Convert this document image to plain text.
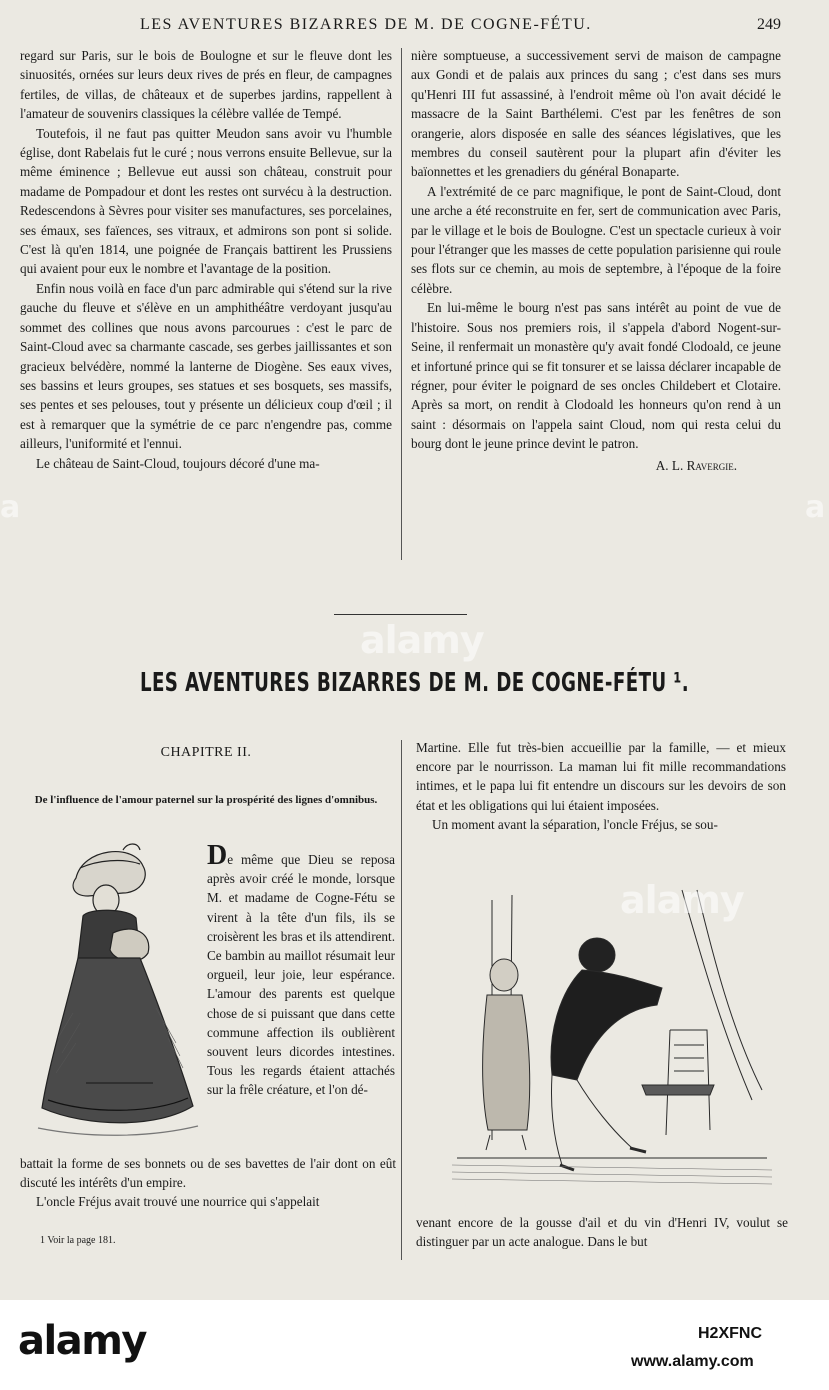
LES AVENTURES BIZARRES DE M. DE COGNE-FÉTU.	249

regard sur Paris, sur le bois de Boulogne et sur le fleuve dont les sinuosités, ornées sur leurs deux rives de prés en fleur, de campagnes fertiles, de villas, de châteaux et de superbes jardins, rappellent à l'amateur de souvenirs classiques la célèbre vallée de Tempé.

Toutefois, il ne faut pas quitter Meudon sans avoir vu l'humble église, dont Rabelais fut le curé ; nous verrons ensuite Bellevue, sur la même éminence ; Bellevue eut aussi son château, construit pour madame de Pompadour et dont les restes ont survécu à la destruction. Redescendons à Sèvres pour visiter ses manufactures, ses porcelaines, ses émaux, ses faïences, ses vitraux, et admirons son pont si solide. C'est là qu'en 1814, une poignée de Français battirent les Prussiens qui avaient pour eux le nombre et l'avantage de la position.

Enfin nous voilà en face d'un parc admirable qui s'étend sur la rive gauche du fleuve et s'élève en un amphithéâtre verdoyant jusqu'au sommet des collines que nous avons parcourues : c'est le parc de Saint-Cloud avec sa charmante cascade, ses gerbes jaillissantes et son gracieux belvédère, nommé la lanterne de Diogène. Ses eaux vives, ses bassins et leurs groupes, ses statues et ses bosquets, ses massifs, ses pentes et ses pelouses, tout y présente un délicieux coup d'œil ; il est à remarquer que la symétrie de ce parc n'engendre pas, comme ailleurs, l'uniformité et l'ennui.

Le château de Saint-Cloud, toujours décoré d'une ma-

nière somptueuse, a successivement servi de maison de campagne aux Gondi et de palais aux princes du sang ; c'est dans ses murs qu'Henri III fut assassiné, à l'endroit même où l'on avait décidé le massacre de la Saint Barthélemi. C'est par les fenêtres de son orangerie, alors disposée en salle des séances législatives, que les membres du conseil sautèrent pour la plupart afin d'éviter les baïonnettes et les grenadiers du général Bonaparte.

A l'extrémité de ce parc magnifique, le pont de Saint-Cloud, dont une arche a été reconstruite en fer, sert de communication avec Paris, par le village et le bois de Boulogne. C'est un spectacle curieux à voir pour l'étranger que les masses de cette population parisienne qui roule ses flots sur ce chemin, au mois de septembre, à l'époque de la foire célèbre.

En lui-même le bourg n'est pas sans intérêt au point de vue de l'histoire. Sous nos premiers rois, il s'appela d'abord Nogent-sur-Seine, il renfermait un monastère qu'y avait fondé Clodoald, ce jeune et infortuné prince qui se fit tonsurer et se laissa déclarer incapable de régner, pour éviter le poignard de ses oncles Childebert et Clotaire. Après sa mort, on rendit à Clodoald les honneurs qu'on rend à un saint : désormais on l'appela saint Cloud, nom qui resta celui du bourg dont le jeune prince devint le patron.

A. L. Ravergie.
LES AVENTURES BIZARRES DE M. DE COGNE-FÉTU ¹.
CHAPITRE II.
De l'influence de l'amour paternel sur la prospérité des lignes d'omnibus.
De même que Dieu se reposa après avoir créé le monde, lorsque M. et madame de Cogne-Fétu se virent à la tête d'un fils, ils se croisèrent les bras et ils attendirent. Ce bambin au maillot résumait leur orgueil, leur joie, leur espérance. L'amour des parents est quelque chose de si puissant que dans cette commune affection ils oublièrent souvent leurs dicordes intestines. Tous les regards étaient attachés sur la frêle créature, et l'on dé-

battait la forme de ses bonnets ou de ses bavettes de l'air dont on eût discuté les intérêts d'un empire.

L'oncle Fréjus avait trouvé une nourrice qui s'appelait

1 Voir la page 181.

Martine. Elle fut très-bien accueillie par la famille, — et mieux encore par le nourrisson. La maman lui fit mille recommandations intimes, et le papa lui fit entendre un discours sur les devoirs de son état et les obligations qui lui étaient imposées.

Un moment avant la séparation, l'oncle Fréjus, se sou-

venant encore de la gousse d'ail et du vin d'Henri IV, voulut se distinguer par un acte analogue. Dans le but
alamy
alamy
a	a
alamy	H2XFNC
www.alamy.com
